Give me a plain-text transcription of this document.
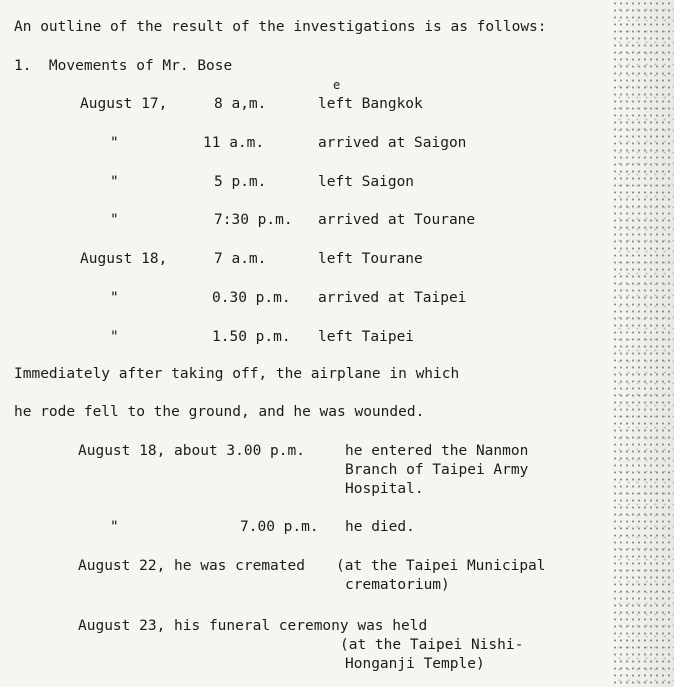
An outline of the result of the investigations is as follows:
1.  Movements of Mr. Bose
August 17,	8 a,m.	left Bangkok
e
"	11 a.m.	arrived at Saigon
"	5 p.m.	left Saigon
"	7:30 p.m. arrived at Tourane
August 18,	7 a.m.	left Tourane
"	0.30 p.m. arrived at Taipei
"	1.50 p.m. left Taipei
Immediately after taking off, the airplane in which
he rode fell to the ground, and he was wounded.
August 18, about 3.00 p.m.	he entered the Nanmon
Branch of Taipei Army
Hospital.
"	7.00 p.m. he died.
August 22, he was cremated (at the Taipei Municipal
crematorium)
August 23, his funeral ceremony was held
(at the Taipei Nishi-
Honganji Temple)
